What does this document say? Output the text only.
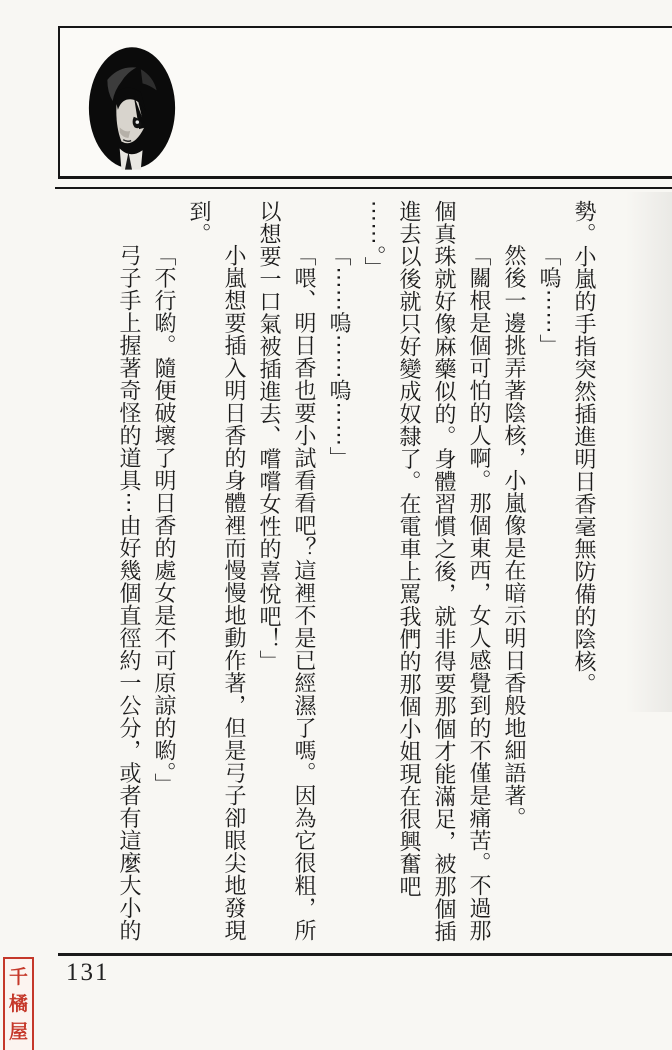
勢。小嵐的手指突然插進明日香毫無防備的陰核。
「嗚⋯⋯」
然後一邊挑弄著陰核，小嵐像是在暗示明日香般地細語著。
「關根是個可怕的人啊。那個東西，女人感覺到的不僅是痛苦。不過那
個真珠就好像麻藥似的。身體習慣之後，就非得要那個才能滿足，被那個插
進去以後就只好變成奴隸了。在電車上罵我們的那個小姐現在很興奮吧
⋯⋯。」
「⋯⋯嗚⋯⋯嗚⋯⋯」
「喂、明日香也要小試看看吧？這裡不是已經濕了嗎。因為它很粗，所
以想要一口氣被插進去、嚐嚐女性的喜悅吧！」
小嵐想要插入明日香的身體裡而慢慢地動作著，但是弓子卻眼尖地發現
到。
「不行喲。隨便破壞了明日香的處女是不可原諒的喲。」
弓子手上握著奇怪的道具⋯由好幾個直徑約一公分，或者有這麼大小的
131
千
橘
屋
